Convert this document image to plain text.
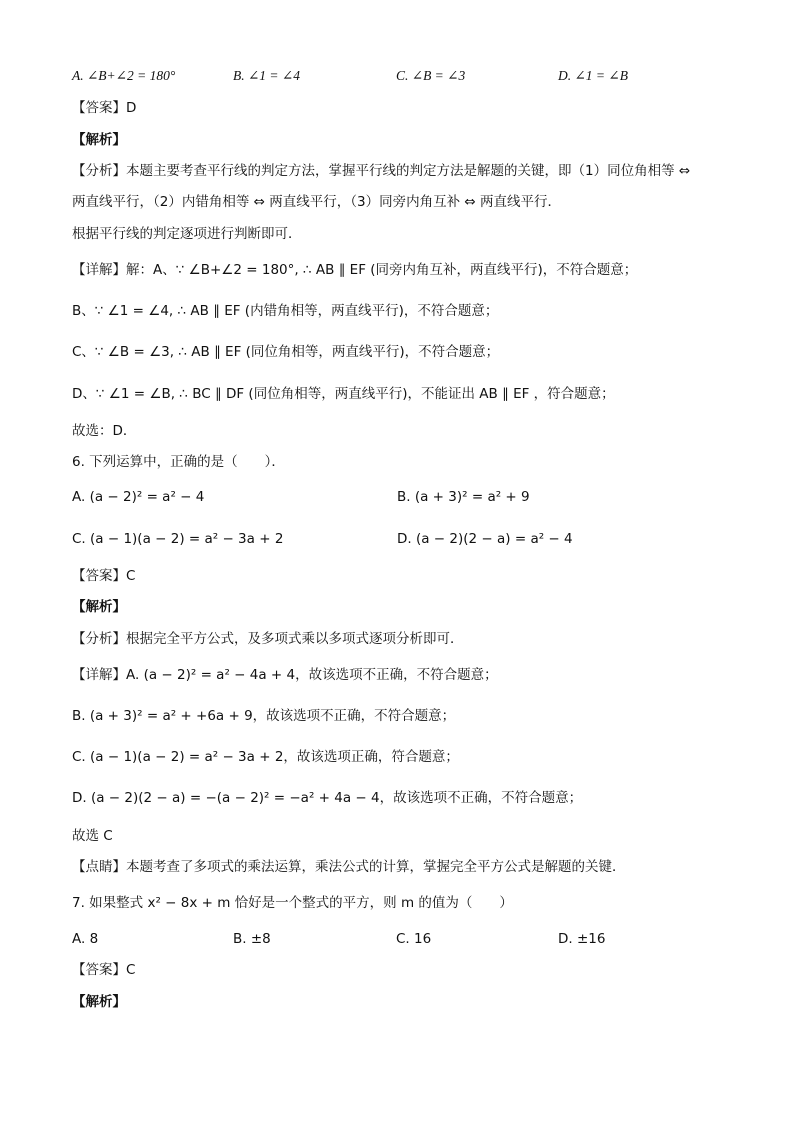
A. ∠B+∠2 = 180°	B. ∠1 = ∠4	C. ∠B = ∠3	D. ∠1 = ∠B
【答案】D
【解析】
【分析】本题主要考查平行线的判定方法，掌握平行线的判定方法是解题的关键，即（1）同位角相等 ⇔
两直线平行，（2）内错角相等 ⇔ 两直线平行，（3）同旁内角互补 ⇔ 两直线平行．
根据平行线的判定逐项进行判断即可．
【详解】解：A、∵ ∠B+∠2 = 180°, ∴ AB ∥ EF (同旁内角互补，两直线平行)，不符合题意；
B、∵ ∠1 = ∠4, ∴ AB ∥ EF (内错角相等，两直线平行)，不符合题意；
C、∵ ∠B = ∠3, ∴ AB ∥ EF (同位角相等，两直线平行)，不符合题意；
D、∵ ∠1 = ∠B, ∴ BC ∥ DF (同位角相等，两直线平行)，不能证出 AB ∥ EF ，符合题意；
故选：D．
6. 下列运算中，正确的是（　　）．
A. (a − 2)² = a² − 4	B. (a + 3)² = a² + 9
C. (a − 1)(a − 2) = a² − 3a + 2	D. (a − 2)(2 − a) = a² − 4
【答案】C
【解析】
【分析】根据完全平方公式，及多项式乘以多项式逐项分析即可．
【详解】A. (a − 2)² = a² − 4a + 4，故该选项不正确，不符合题意；
B. (a + 3)² = a² + +6a + 9，故该选项不正确，不符合题意；
C. (a − 1)(a − 2) = a² − 3a + 2，故该选项正确，符合题意；
D. (a − 2)(2 − a) = −(a − 2)² = −a² + 4a − 4，故该选项不正确，不符合题意；
故选 C
【点睛】本题考查了多项式的乘法运算，乘法公式的计算，掌握完全平方公式是解题的关键．
7. 如果整式 x² − 8x + m 恰好是一个整式的平方，则 m 的值为（　　）
A. 8	B. ±8	C. 16	D. ±16
【答案】C
【解析】
